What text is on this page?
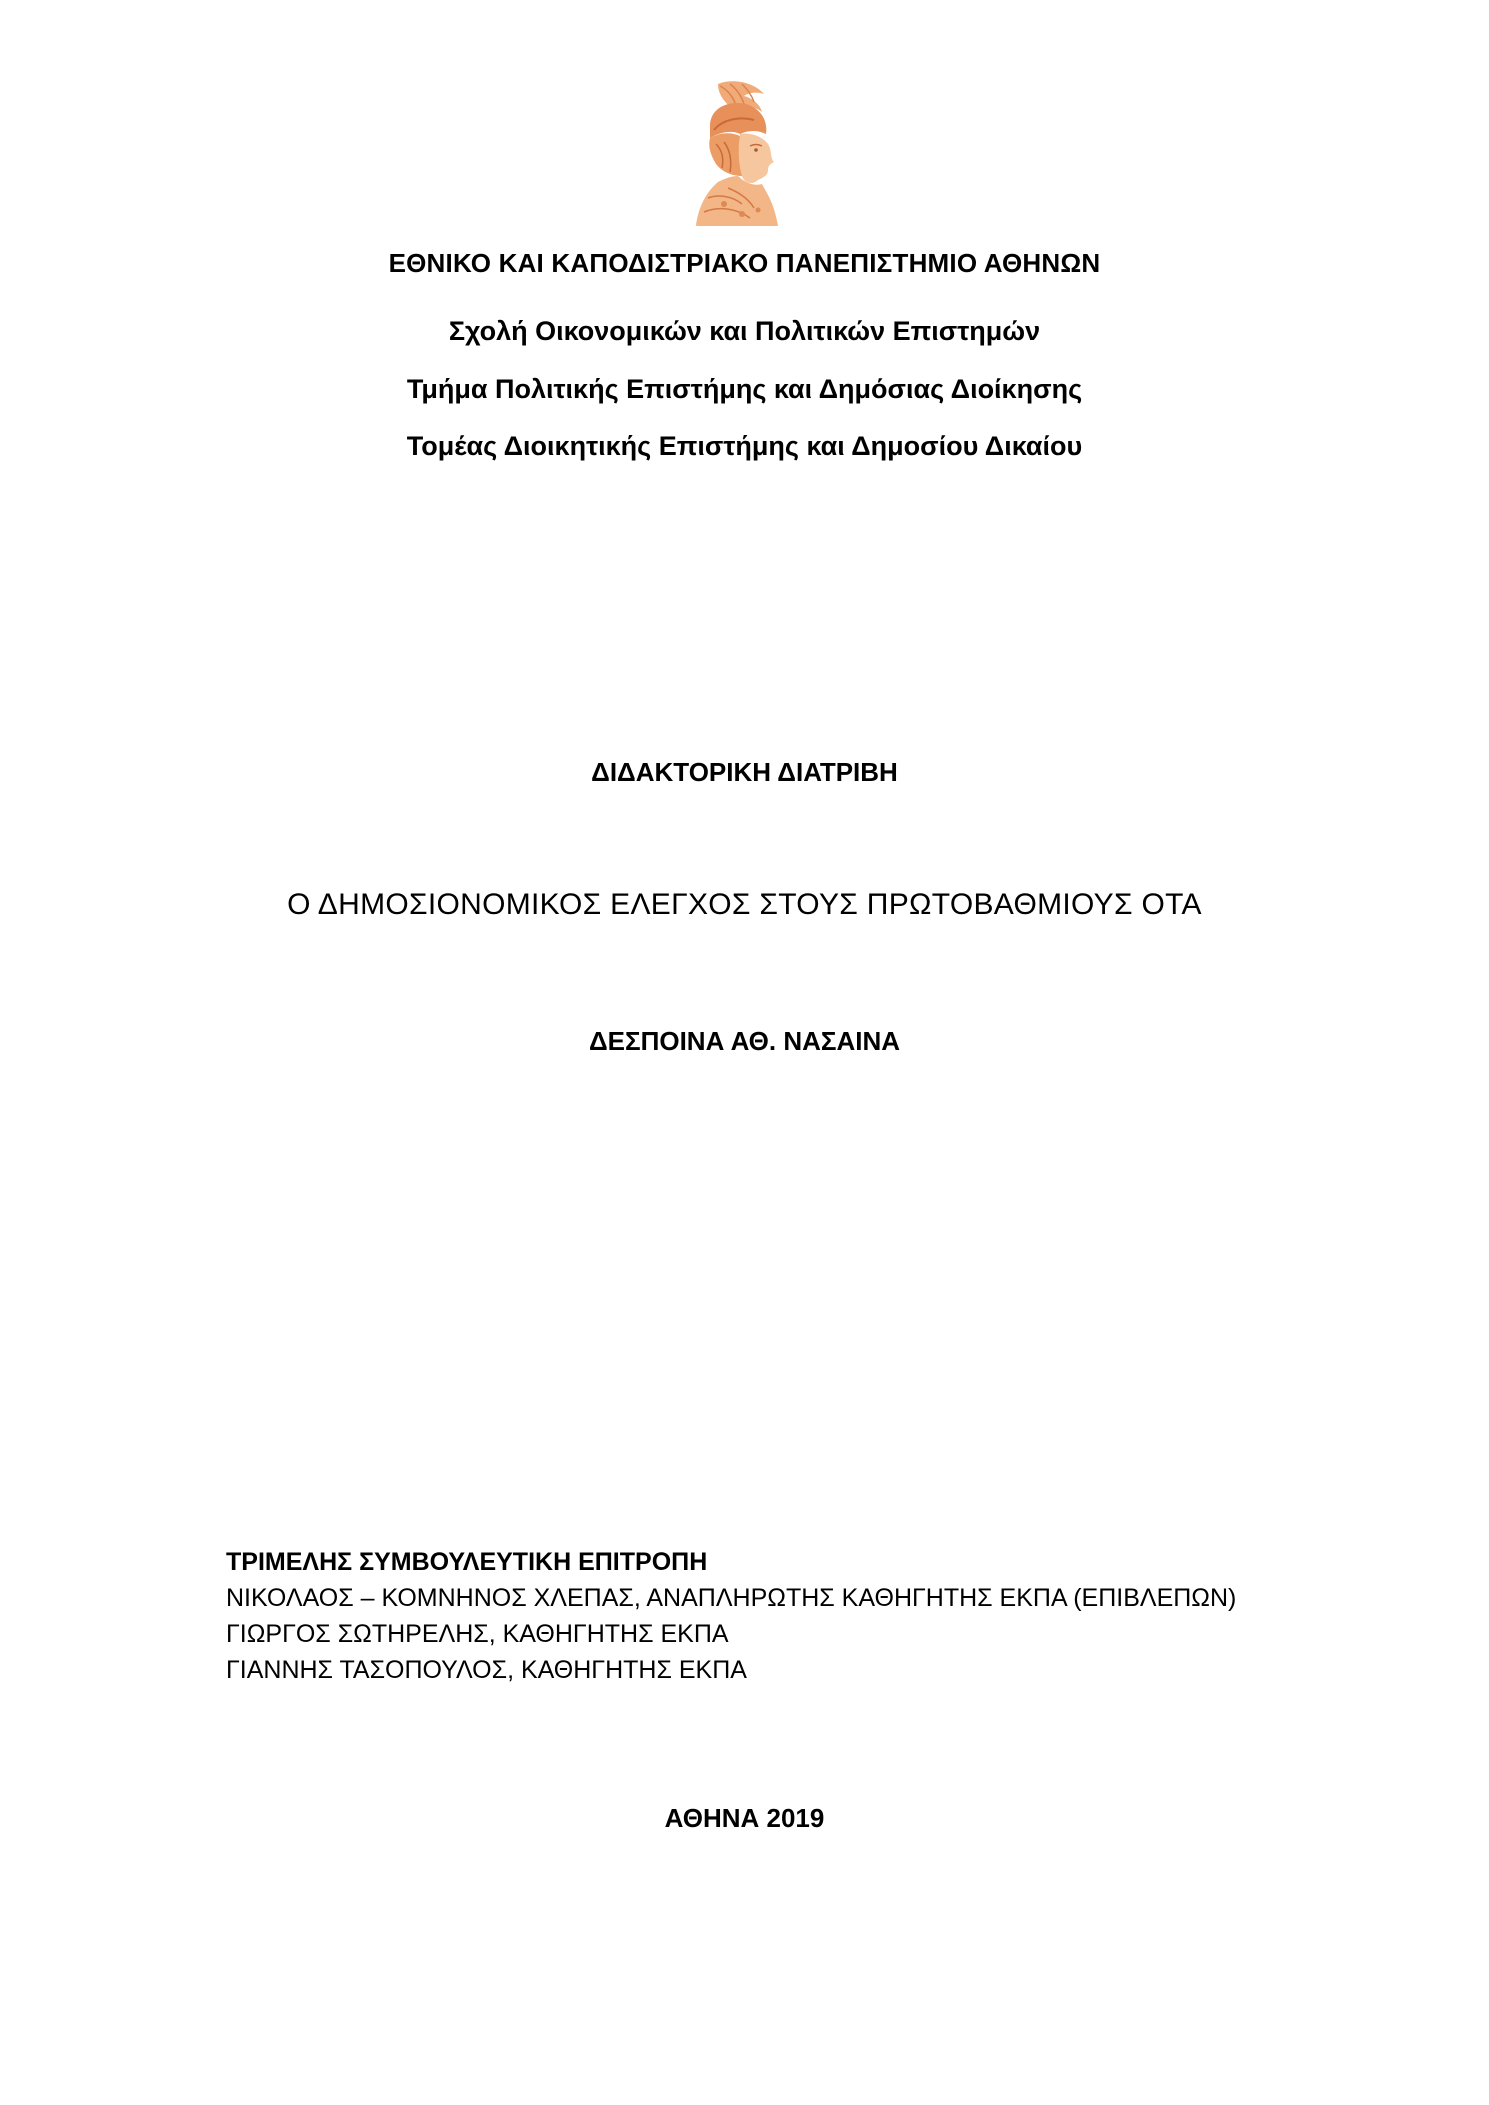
ΕΘΝΙΚΟ ΚΑΙ ΚΑΠΟΔΙΣΤΡΙΑΚΟ ΠΑΝΕΠΙΣΤΗΜΙΟ ΑΘΗΝΩΝ
Σχολή Οικονομικών και Πολιτικών Επιστημών
Τμήμα Πολιτικής Επιστήμης και Δημόσιας Διοίκησης
Τομέας Διοικητικής Επιστήμης και Δημοσίου Δικαίου
ΔΙΔΑΚΤΟΡΙΚΗ ΔΙΑΤΡΙΒΗ
Ο ΔΗΜΟΣΙΟΝΟΜΙΚΟΣ ΕΛΕΓΧΟΣ ΣΤΟΥΣ ΠΡΩΤΟΒΑΘΜΙΟΥΣ ΟΤΑ
ΔΕΣΠΟΙΝΑ ΑΘ. ΝΑΣΑΙΝΑ
ΤΡΙΜΕΛΗΣ ΣΥΜΒΟΥΛΕΥΤΙΚΗ ΕΠΙΤΡΟΠΗ
ΝΙΚΟΛΑΟΣ – ΚΟΜΝΗΝΟΣ ΧΛΕΠΑΣ, ΑΝΑΠΛΗΡΩΤΗΣ ΚΑΘΗΓΗΤΗΣ ΕΚΠΑ (ΕΠΙΒΛΕΠΩΝ)
ΓΙΩΡΓΟΣ ΣΩΤΗΡΕΛΗΣ, ΚΑΘΗΓΗΤΗΣ ΕΚΠΑ
ΓΙΑΝΝΗΣ ΤΑΣΟΠΟΥΛΟΣ, ΚΑΘΗΓΗΤΗΣ ΕΚΠΑ
ΑΘΗΝΑ 2019
